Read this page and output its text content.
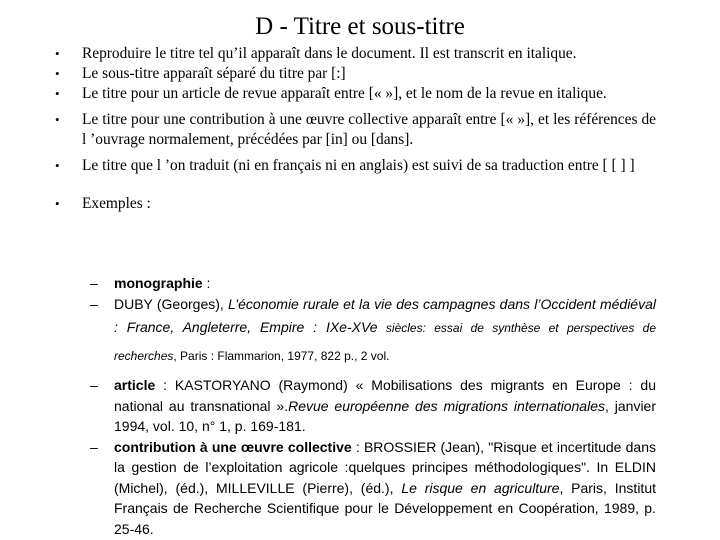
D - Titre et sous-titre
• Reproduire le titre tel qu’il apparaît dans le document. Il est transcrit en italique.
• Le sous-titre apparaît séparé du titre par [:]
• Le titre pour un article de revue apparaît entre [« »], et le nom de la revue en italique.
• Le titre pour une contribution à une œuvre collective apparaît entre [« »], et les références de l ’ouvrage normalement, précédées par [in] ou [dans].
• Le titre que l ’on traduit (ni en français ni en anglais) est suivi de sa traduction entre [ [ ] ]
• Exemples :
– monographie :
– DUBY (Georges), L’économie rurale et la vie des campagnes dans l’Occident médiéval : France, Angleterre, Empire : IXe-XVe siècles: essai de synthèse et perspectives de recherches, Paris : Flammarion, 1977, 822 p., 2 vol.
– article : KASTORYANO (Raymond) « Mobilisations des migrants en Europe : du national au transnational ».Revue européenne des migrations internationales, janvier 1994, vol. 10, n° 1, p. 169-181.
– contribution à une œuvre collective : BROSSIER (Jean), "Risque et incertitude dans la gestion de l’exploitation agricole :quelques principes méthodologiques". In ELDIN (Michel), (éd.), MILLEVILLE (Pierre), (éd.), Le risque en agriculture, Paris, Institut Français de Recherche Scientifique pour le Développement en Coopération, 1989, p. 25-46.
